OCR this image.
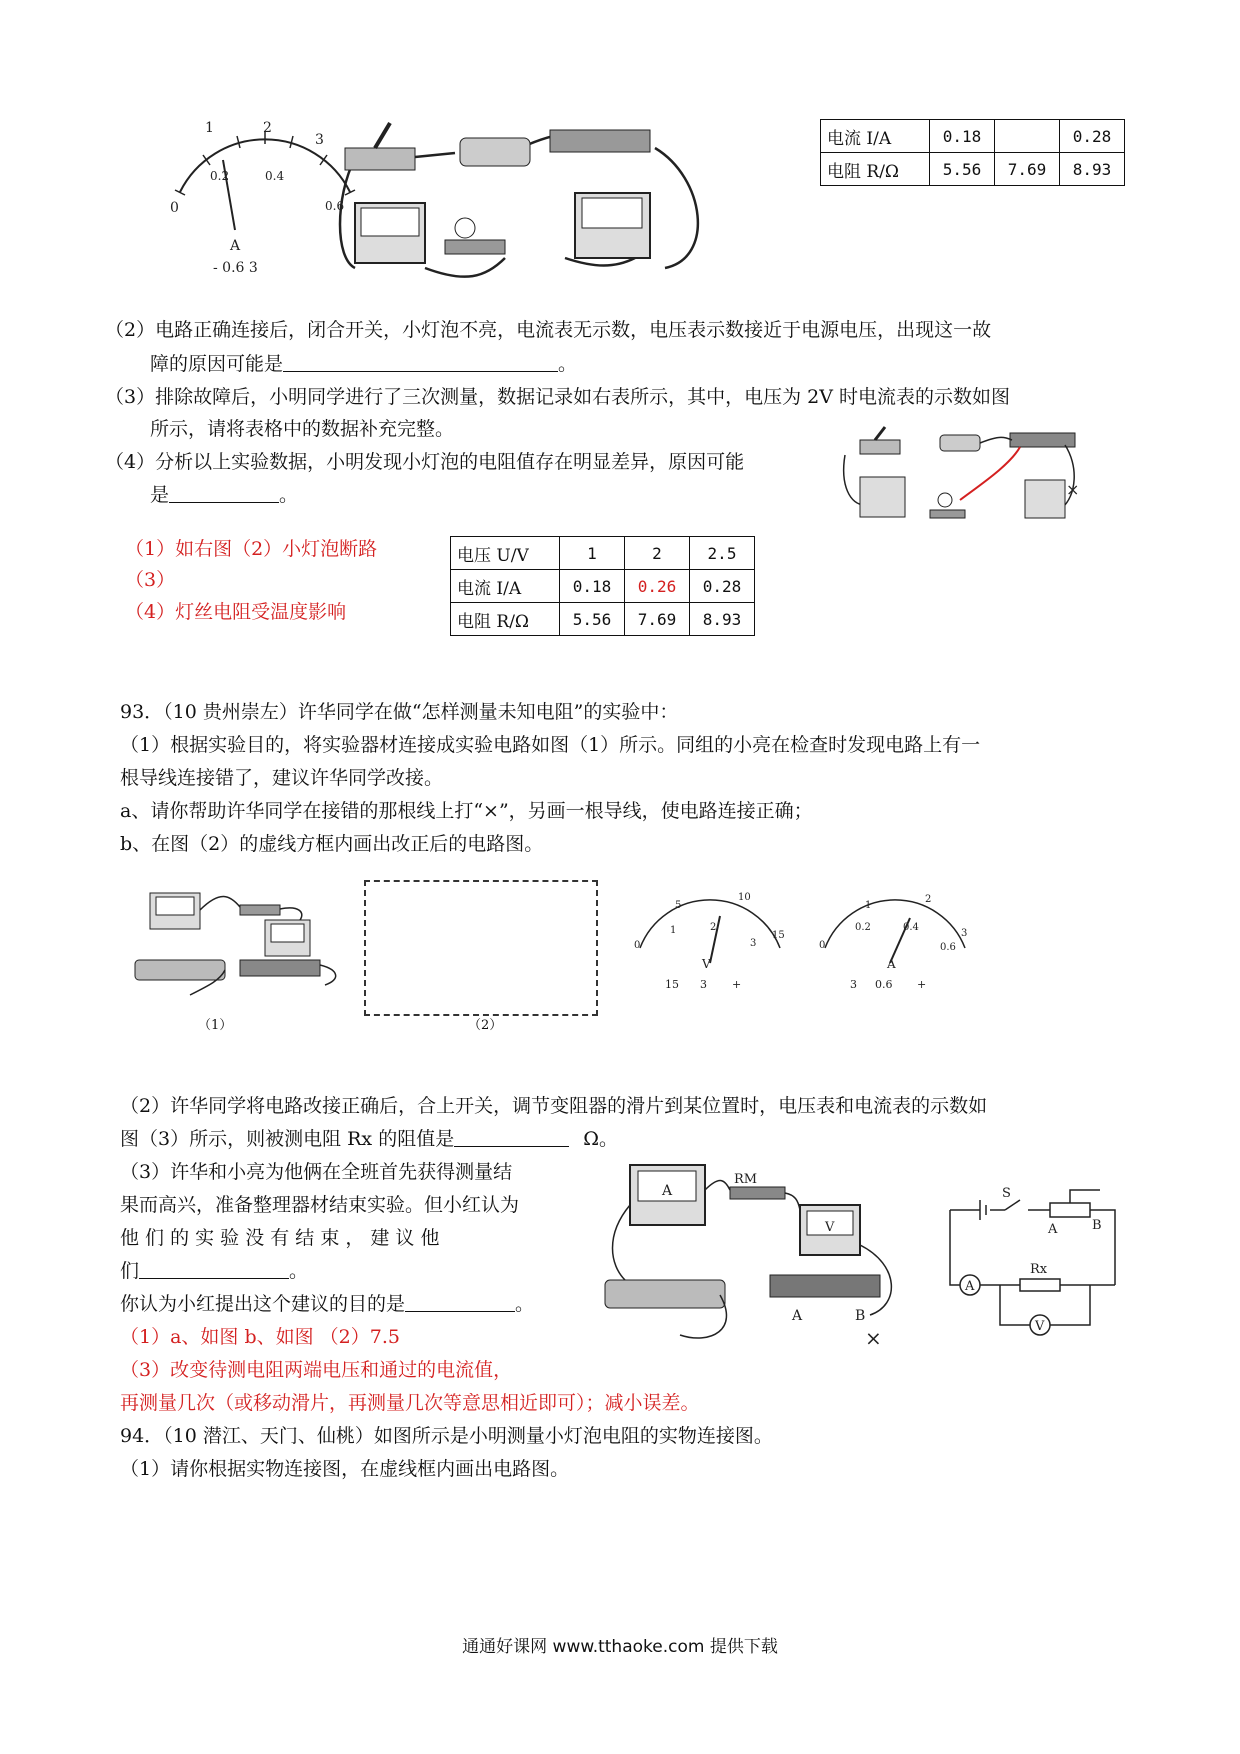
0
1	2
3
0.2	0.4
0.6
A
- 0.6 3
电流 I/A	0.18		0.28
电阻 R/Ω	5.56	7.69	8.93
（2）电路正确连接后，闭合开关，小灯泡不亮，电流表无示数，电压表示数接近于电源电压，出现这一故
障的原因可能是	。
（3）排除故障后，小明同学进行了三次测量，数据记录如右表所示，其中，电压为 2V 时电流表的示数如图
所示，请将表格中的数据补充完整。
（4）分析以上实验数据，小明发现小灯泡的电阻值存在明显差异，原因可能
是	。	×
（1）如右图（2）小灯泡断路
（3）
（4）灯丝电阻受温度影响
电压 U/V	1	2	2.5
电流 I/A	0.18	0.26	0.28
电阻 R/Ω	5.56	7.69	8.93
93．（10 贵州崇左）许华同学在做“怎样测量未知电阻”的实验中：
（1）根据实验目的，将实验器材连接成实验电路如图（1）所示。同组的小亮在检查时发现电路上有一
根导线连接错了，建议许华同学改接。
a、请你帮助许华同学在接错的那根线上打“×”，另画一根导线，使电路连接正确；
b、在图（2）的虚线方框内画出改正后的电路图。
（1）	（2）
0
5
10
15
1	2
3
V
15 3 +
0
1
2
3
0.2	0.4
0.6
A
3 0.6 +
（2）许华同学将电路改接正确后，合上开关，调节变阻器的滑片到某位置时，电压表和电流表的示数如
图（3）所示，则被测电阻 Rx 的阻值是	Ω。
（3）许华和小亮为他俩在全班首先获得测量结
果而高兴，准备整理器材结束实验。但小红认为
他 们 的 实 验 没 有 结 束 ， 建 议 他
们	。
你认为小红提出这个建议的目的是	。
（1）a、如图 b、如图 （2）7.5
（3）改变待测电阻两端电压和通过的电流值，
再测量几次（或移动滑片，再测量几次等意思相近即可）；减小误差。
A
RM
V
A	B
×
S
A	B
Rx
A
V
94．（10 潜江、天门、仙桃）如图所示是小明测量小灯泡电阻的实物连接图。
（1）请你根据实物连接图，在虚线框内画出电路图。
通通好课网 www.tthaoke.com 提供下载
